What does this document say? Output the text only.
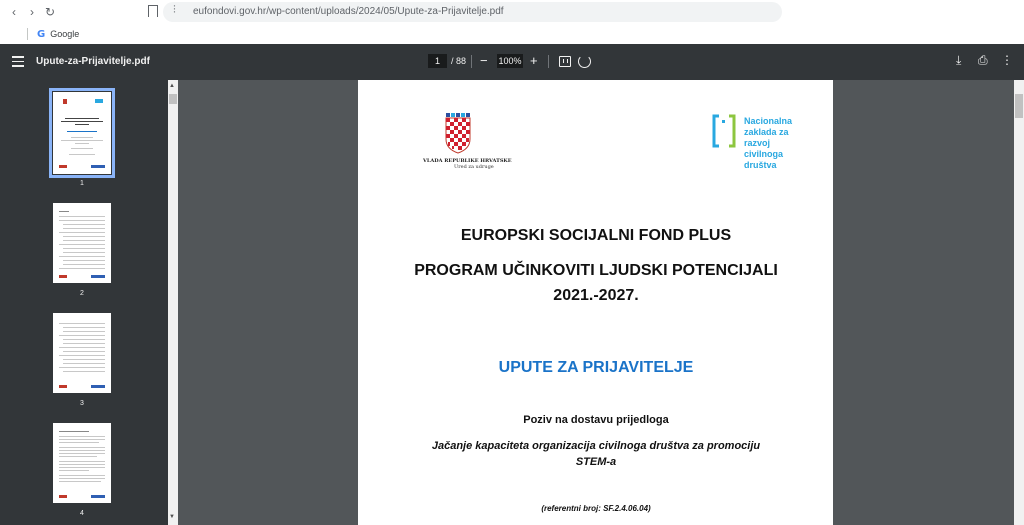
‹	› ↻	⫶ eufondovi.gov.hr/wp-content/uploads/2024/05/Upute-za-Prijavitelje.pdf
G Google
Upute-za-Prijavitelje.pdf	1	/ 88 − 100% +	⤓ ⎙ ⋮
1
2
3
4
▲
▼
VLADA REPUBLIKE HRVATSKE
Ured za udruge
Nacionalna
zaklada za
razvoj
civilnoga
društva
EUROPSKI SOCIJALNI FOND PLUS
PROGRAM UČINKOVITI LJUDSKI POTENCIJALI
2021.-2027.
UPUTE ZA PRIJAVITELJE
Poziv na dostavu prijedloga
Jačanje kapaciteta organizacija civilnoga društva za promociju
STEM-a
(referentni broj: SF.2.4.06.04)
